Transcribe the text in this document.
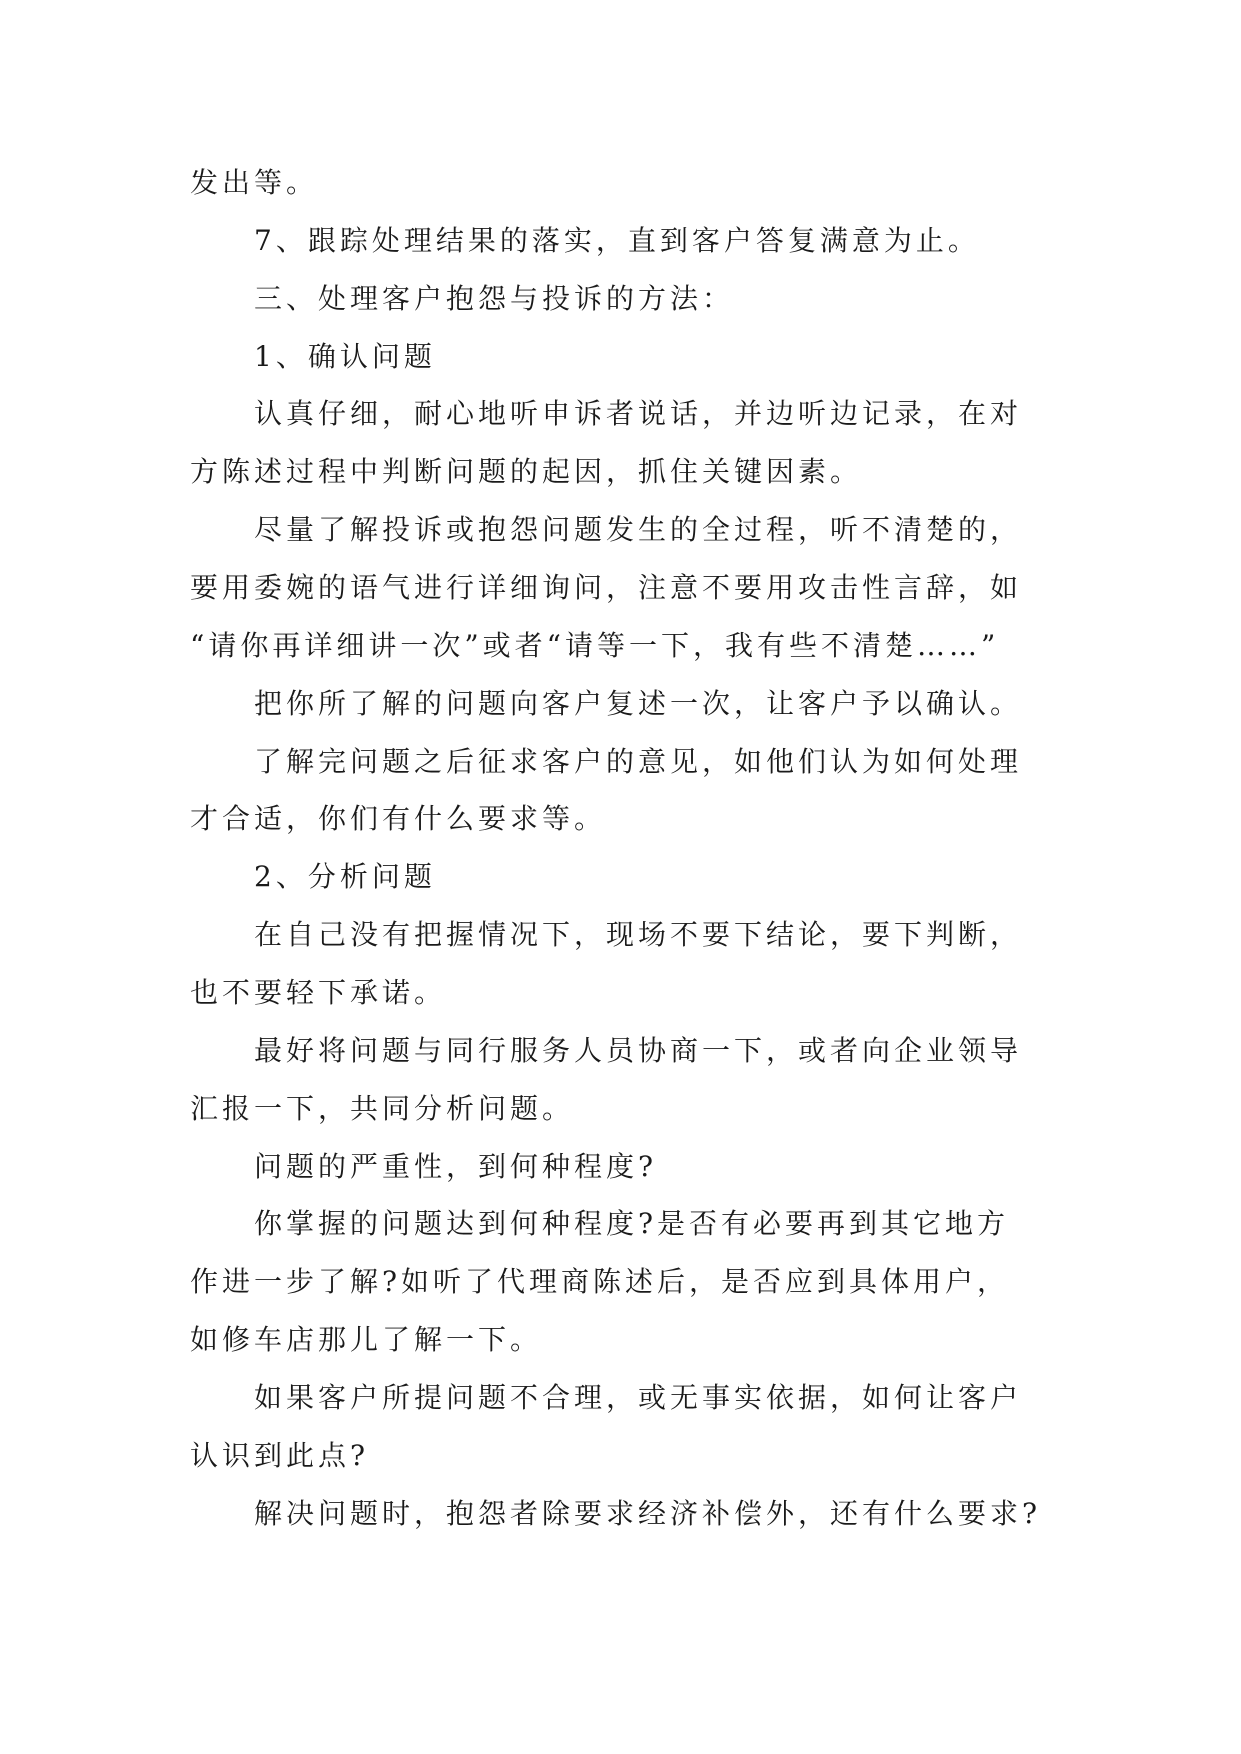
发出等。
7、跟踪处理结果的落实，直到客户答复满意为止。
三、处理客户抱怨与投诉的方法：
1、确认问题
认真仔细，耐心地听申诉者说话，并边听边记录，在对
方陈述过程中判断问题的起因，抓住关键因素。
尽量了解投诉或抱怨问题发生的全过程，听不清楚的，
要用委婉的语气进行详细询问，注意不要用攻击性言辞，如
“请你再详细讲一次”或者“请等一下，我有些不清楚……”
把你所了解的问题向客户复述一次，让客户予以确认。
了解完问题之后征求客户的意见，如他们认为如何处理
才合适，你们有什么要求等。
2、分析问题
在自己没有把握情况下，现场不要下结论，要下判断，
也不要轻下承诺。
最好将问题与同行服务人员协商一下，或者向企业领导
汇报一下，共同分析问题。
问题的严重性，到何种程度?
你掌握的问题达到何种程度?是否有必要再到其它地方
作进一步了解?如听了代理商陈述后，是否应到具体用户，
如修车店那儿了解一下。
如果客户所提问题不合理，或无事实依据，如何让客户
认识到此点?
解决问题时，抱怨者除要求经济补偿外，还有什么要求?
